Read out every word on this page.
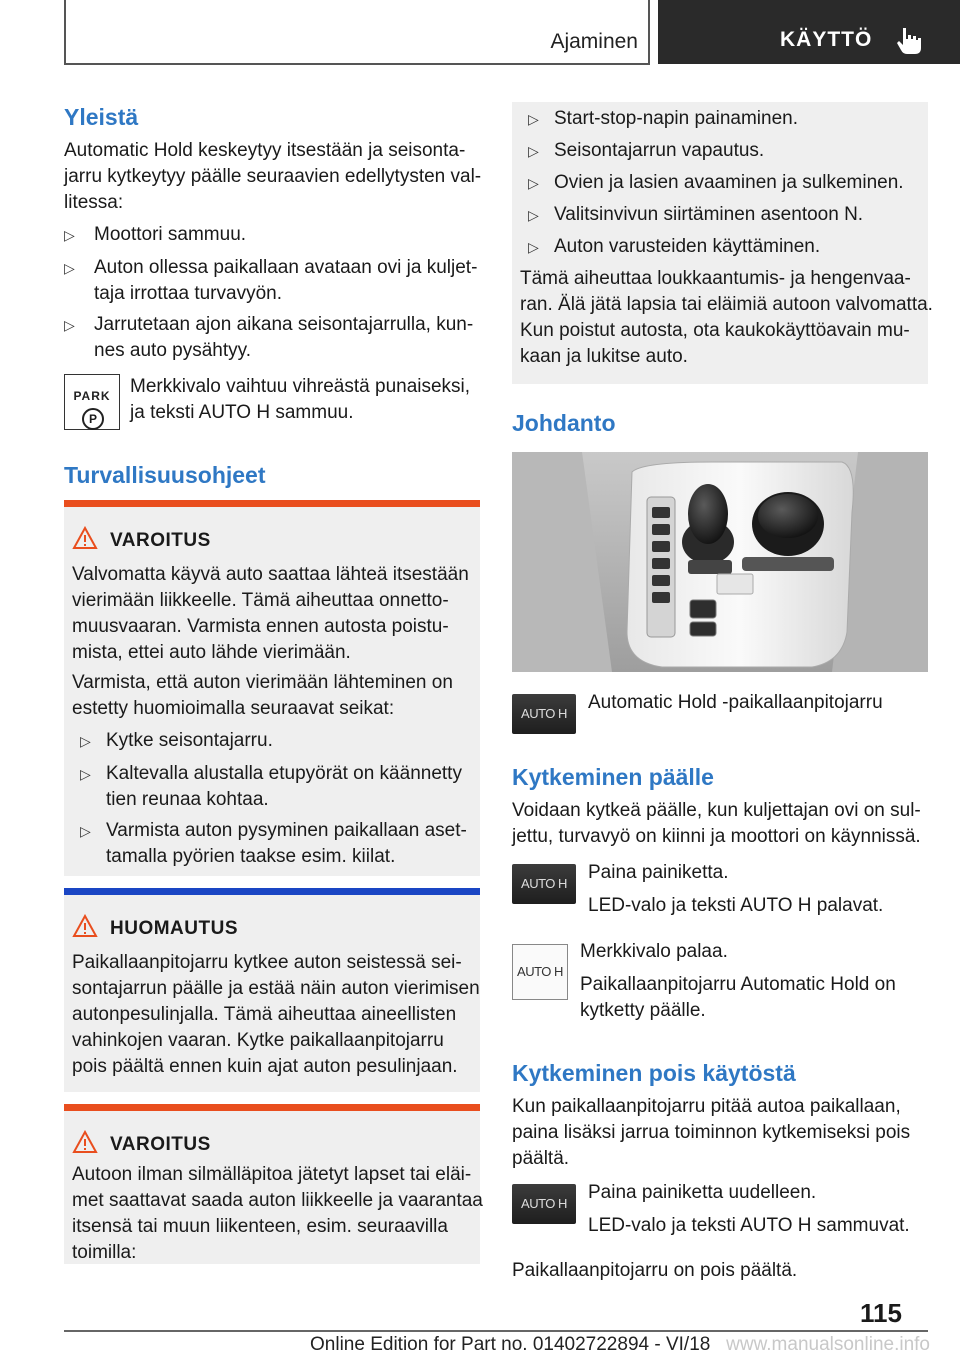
Ajaminen	KÄYTTÖ
Yleistä
Automatic Hold keskeytyy itsestään ja seisonta-
jarru kytkeytyy päälle seuraavien edellytysten val-
litessa:
▷ Moottori sammuu.
▷ Auton ollessa paikallaan avataan ovi ja kuljet-
taja irrottaa turvavyön.
▷ Jarrutetaan ajon aikana seisontajarrulla, kun-
nes auto pysähtyy.
PARK
P
Merkkivalo vaihtuu vihreästä punaiseksi,
ja teksti AUTO H sammuu.
Turvallisuusohjeet
VAROITUS
Valvomatta käyvä auto saattaa lähteä itsestään
vierimään liikkeelle. Tämä aiheuttaa onnetto-
muusvaaran. Varmista ennen autosta poistu-
mista, ettei auto lähde vierimään.
Varmista, että auton vierimään lähteminen on
estetty huomioimalla seuraavat seikat:
▷ Kytke seisontajarru.
▷ Kaltevalla alustalla etupyörät on käännetty
tien reunaa kohtaa.
▷ Varmista auton pysyminen paikallaan aset-
tamalla pyörien taakse esim. kiilat.
HUOMAUTUS
Paikallaanpitojarru kytkee auton seistessä sei-
sontajarrun päälle ja estää näin auton vierimisen
autonpesulinjalla. Tämä aiheuttaa aineellisten
vahinkojen vaaran. Kytke paikallaanpitojarru
pois päältä ennen kuin ajat auton pesulinjaan.
VAROITUS
Autoon ilman silmälläpitoa jätetyt lapset tai eläi-
met saattavat saada auton liikkeelle ja vaarantaa
itsensä tai muun liikenteen, esim. seuraavilla
toimilla:
▷ Start-stop-napin painaminen.
▷ Seisontajarrun vapautus.
▷ Ovien ja lasien avaaminen ja sulkeminen.
▷ Valitsinvivun siirtäminen asentoon N.
▷ Auton varusteiden käyttäminen.
Tämä aiheuttaa loukkaantumis- ja hengenvaa-
ran. Älä jätä lapsia tai eläimiä autoon valvomatta.
Kun poistut autosta, ota kaukokäyttöavain mu-
kaan ja lukitse auto.
Johdanto
AUTO H
Automatic Hold -paikallaanpitojarru
Kytkeminen päälle
Voidaan kytkeä päälle, kun kuljettajan ovi on sul-
jettu, turvavyö on kiinni ja moottori on käynnissä.
AUTO H
Paina painiketta.
LED-valo ja teksti AUTO H palavat.
AUTO H
Merkkivalo palaa.
Paikallaanpitojarru Automatic Hold on
kytketty päälle.
Kytkeminen pois käytöstä
Kun paikallaanpitojarru pitää autoa paikallaan,
paina lisäksi jarrua toiminnon kytkemiseksi pois
päältä.
AUTO H
Paina painiketta uudelleen.
LED-valo ja teksti AUTO H sammuvat.
Paikallaanpitojarru on pois päältä.
115
Online Edition for Part no. 01402722894 - VI/18 www.manualsonline.info
